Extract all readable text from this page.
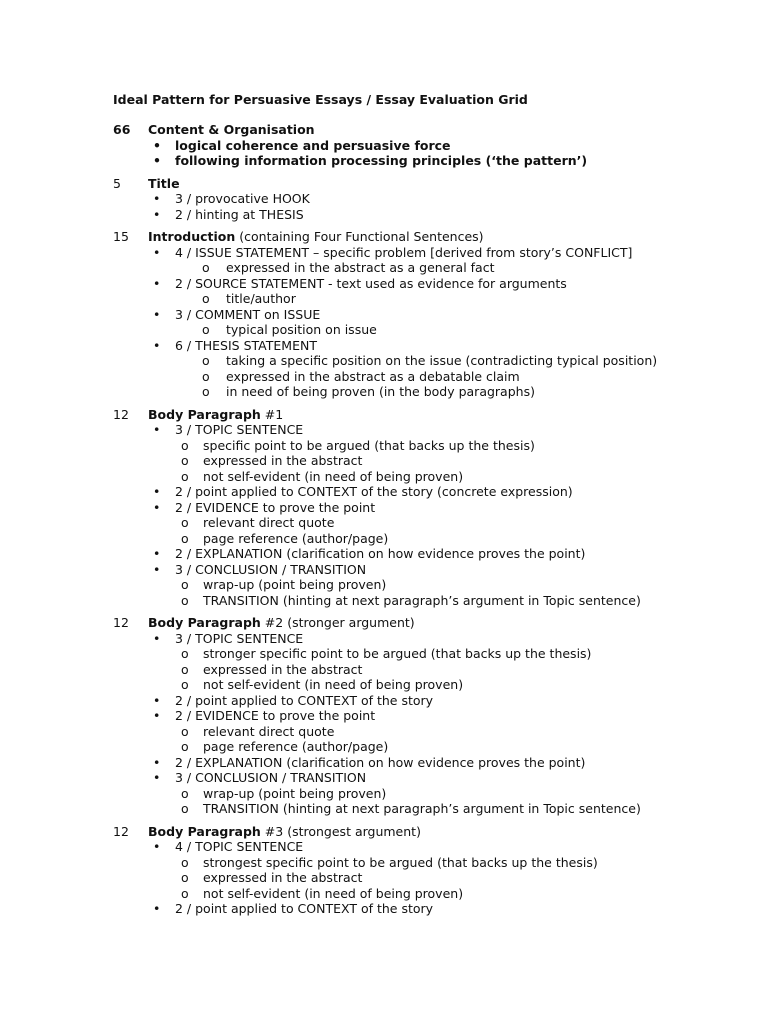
Ideal Pattern for Persuasive Essays / Essay Evaluation Grid
66 Content & Organisation
• logical coherence and persuasive force
• following information processing principles (‘the pattern’)
5 Title
• 3 / provocative HOOK
• 2 / hinting at THESIS
15 Introduction (containing Four Functional Sentences)
• 4 / ISSUE STATEMENT – specific problem [derived from story’s CONFLICT]
o expressed in the abstract as a general fact
• 2 / SOURCE STATEMENT - text used as evidence for arguments
o title/author
• 3 / COMMENT on ISSUE
o typical position on issue
• 6 / THESIS STATEMENT
o taking a specific position on the issue (contradicting typical position)
o expressed in the abstract as a debatable claim
o in need of being proven (in the body paragraphs)
12 Body Paragraph #1
• 3 / TOPIC SENTENCE
o specific point to be argued (that backs up the thesis)
o expressed in the abstract
o not self-evident (in need of being proven)
• 2 / point applied to CONTEXT of the story (concrete expression)
• 2 / EVIDENCE to prove the point
o relevant direct quote
o page reference (author/page)
• 2 / EXPLANATION (clarification on how evidence proves the point)
• 3 / CONCLUSION / TRANSITION
o wrap-up (point being proven)
o TRANSITION (hinting at next paragraph’s argument in Topic sentence)
12 Body Paragraph #2 (stronger argument)
• 3 / TOPIC SENTENCE
o stronger specific point to be argued (that backs up the thesis)
o expressed in the abstract
o not self-evident (in need of being proven)
• 2 / point applied to CONTEXT of the story
• 2 / EVIDENCE to prove the point
o relevant direct quote
o page reference (author/page)
• 2 / EXPLANATION (clarification on how evidence proves the point)
• 3 / CONCLUSION / TRANSITION
o wrap-up (point being proven)
o TRANSITION (hinting at next paragraph’s argument in Topic sentence)
12 Body Paragraph #3 (strongest argument)
• 4 / TOPIC SENTENCE
o strongest specific point to be argued (that backs up the thesis)
o expressed in the abstract
o not self-evident (in need of being proven)
• 2 / point applied to CONTEXT of the story
